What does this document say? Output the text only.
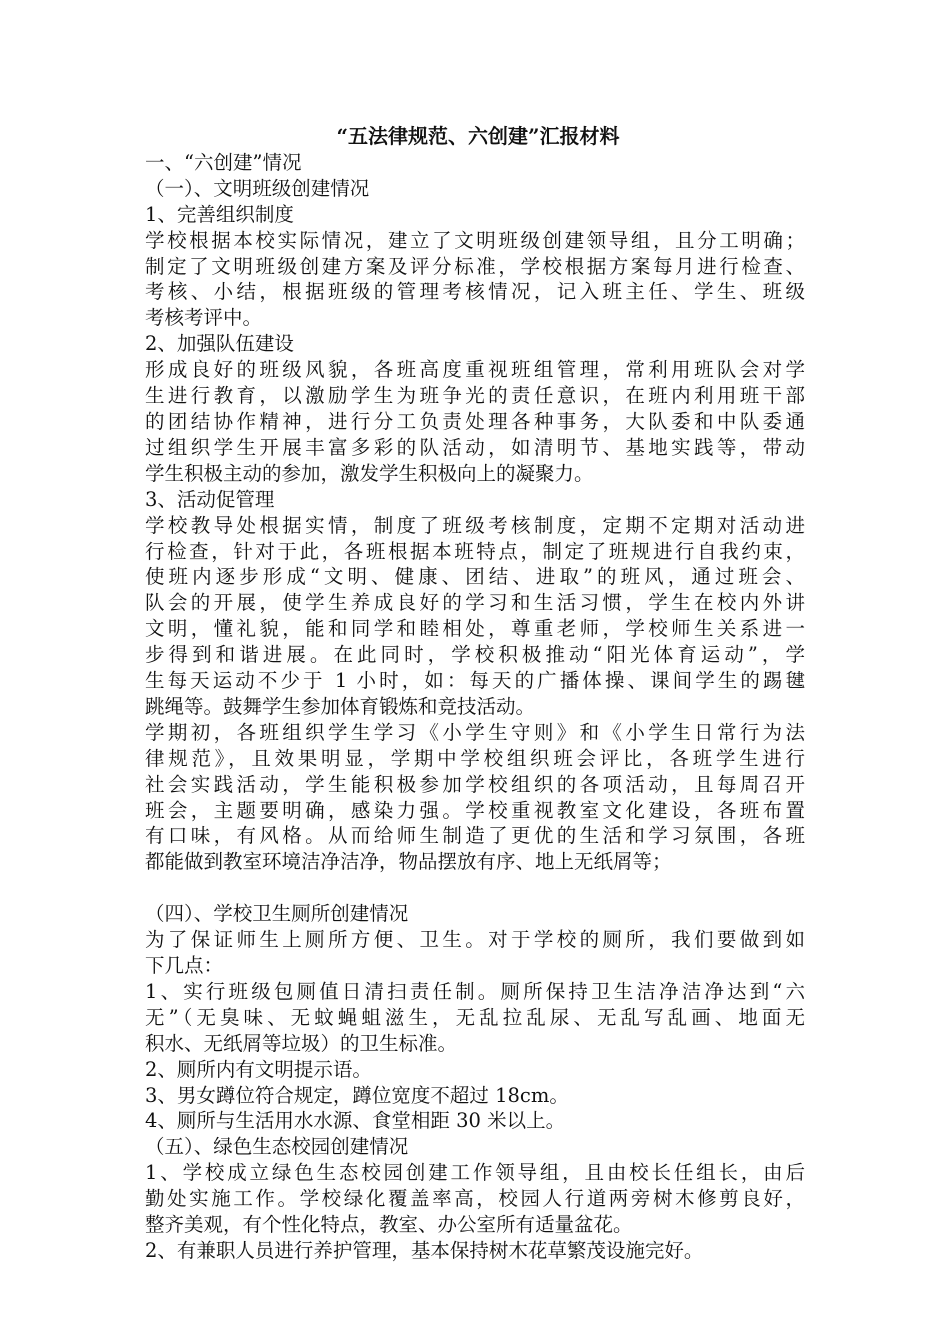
“五法律规范、六创建”汇报材料

一、“六创建”情况

（一）、文明班级创建情况

1、完善组织制度

学校根据本校实际情况，建立了文明班级创建领导组，且分工明确；

制定了文明班级创建方案及评分标准，学校根据方案每月进行检查、

考核、小结，根据班级的管理考核情况，记入班主任、学生、班级

考核考评中。

2、加强队伍建设

形成良好的班级风貌，各班高度重视班组管理，常利用班队会对学

生进行教育，以激励学生为班争光的责任意识，在班内利用班干部

的团结协作精神，进行分工负责处理各种事务，大队委和中队委通

过组织学生开展丰富多彩的队活动，如清明节、基地实践等，带动

学生积极主动的参加，激发学生积极向上的凝聚力。

3、活动促管理

学校教导处根据实情，制度了班级考核制度，定期不定期对活动进

行检查，针对于此，各班根据本班特点，制定了班规进行自我约束，

使班内逐步形成“文明、健康、团结、进取”的班风，通过班会、

队会的开展，使学生养成良好的学习和生活习惯，学生在校内外讲

文明，懂礼貌，能和同学和睦相处，尊重老师，学校师生关系进一

步得到和谐进展。在此同时，学校积极推动“阳光体育运动”，学

生每天运动不少于 1 小时，如：每天的广播体操、课间学生的踢毽

跳绳等。鼓舞学生参加体育锻炼和竞技活动。

学期初，各班组织学生学习《小学生守则》和《小学生日常行为法

律规范》，且效果明显，学期中学校组织班会评比，各班学生进行

社会实践活动，学生能积极参加学校组织的各项活动，且每周召开

班会，主题要明确，感染力强。学校重视教室文化建设，各班布置

有口味，有风格。从而给师生制造了更优的生活和学习氛围，各班

都能做到教室环境洁净洁净，物品摆放有序、地上无纸屑等；

（四）、学校卫生厕所创建情况

为了保证师生上厕所方便、卫生。对于学校的厕所，我们要做到如

下几点：

1、实行班级包厕值日清扫责任制。厕所保持卫生洁净洁净达到“六

无”（无臭味、无蚊蝇蛆滋生，无乱拉乱尿、无乱写乱画、地面无

积水、无纸屑等垃圾）的卫生标准。

2、厕所内有文明提示语。

3、男女蹲位符合规定，蹲位宽度不超过 18cm。

4、厕所与生活用水水源、食堂相距 30 米以上。

（五）、绿色生态校园创建情况

1、学校成立绿色生态校园创建工作领导组，且由校长任组长，由后

勤处实施工作。学校绿化覆盖率高，校园人行道两旁树木修剪良好，

整齐美观，有个性化特点，教室、办公室所有适量盆花。

2、有兼职人员进行养护管理，基本保持树木花草繁茂设施完好。
